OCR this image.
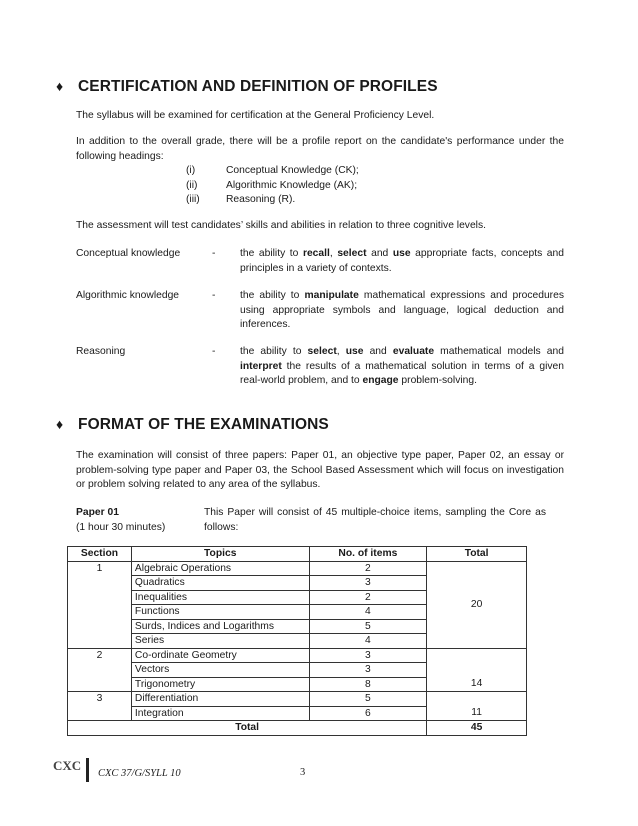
♦ CERTIFICATION AND DEFINITION OF PROFILES
The syllabus will be examined for certification at the General Proficiency Level.
In addition to the overall grade, there will be a profile report on the candidate's performance under the following headings:
(i)	Conceptual Knowledge (CK);
(ii)	Algorithmic Knowledge (AK);
(iii)	Reasoning (R).
The assessment will test candidates’ skills and abilities in relation to three cognitive levels.
Conceptual knowledge	- the ability to recall, select and use appropriate facts, concepts and principles in a variety of contexts.
Algorithmic knowledge	- the ability to manipulate mathematical expressions and procedures using appropriate symbols and language, logical deduction and inferences.
Reasoning	- the ability to select, use and evaluate mathematical models and interpret the results of a mathematical solution in terms of a given real-world problem, and to engage problem-solving.
♦ FORMAT OF THE EXAMINATIONS
The examination will consist of three papers: Paper 01, an objective type paper, Paper 02, an essay or problem-solving type paper and Paper 03, the School Based Assessment which will focus on investigation or problem solving related to any area of the syllabus.
Paper 01
(1 hour 30 minutes)
This Paper will consist of 45 multiple-choice items, sampling the Core as follows:
Section	Topics	No. of items	Total
1	Algebraic Operations	2	20
	Quadratics	3	
	Inequalities	2	
	Functions	4	
	Surds, Indices and Logarithms	5	
	Series	4	
2	Co-ordinate Geometry	3	14
	Vectors	3	
	Trigonometry	8	
3	Differentiation	5	11
	Integration	6	
Total			45
CXC
CXC 37/G/SYLL 10	3
